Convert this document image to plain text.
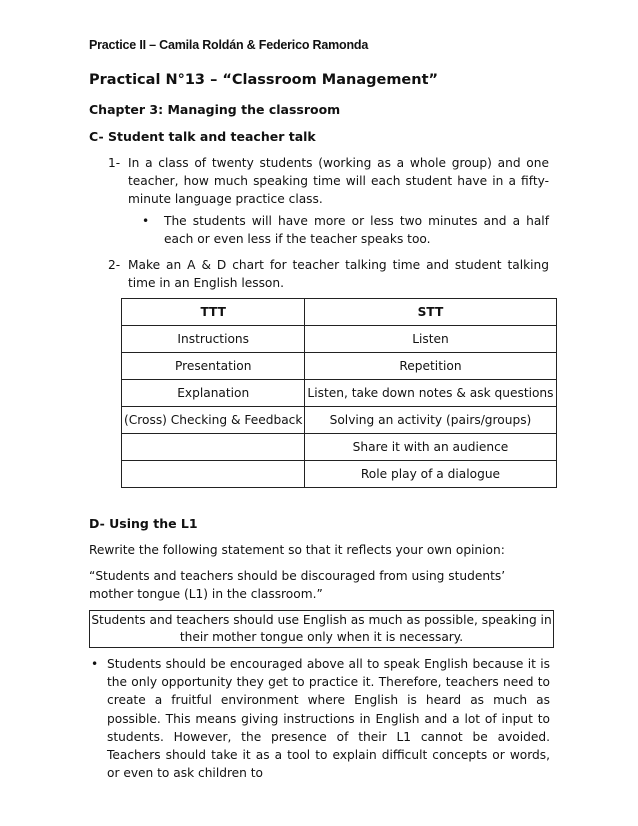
Practice II – Camila Roldán & Federico Ramonda
Practical N°13 – “Classroom Management”
Chapter 3: Managing the classroom
C- Student talk and teacher talk
1- In a class of twenty students (working as a whole group) and one teacher, how much speaking time will each student have in a fifty-minute language practice class.
• The students will have more or less two minutes and a half each or even less if the teacher speaks too.
2- Make an A & D chart for teacher talking time and student talking time in an English lesson.
TTT	STT
Instructions	Listen
Presentation	Repetition
Explanation	Listen, take down notes & ask questions
(Cross) Checking & Feedback	Solving an activity (pairs/groups)
	Share it with an audience
	Role play of a dialogue
D- Using the L1
Rewrite the following statement so that it reflects your own opinion:
“Students and teachers should be discouraged from using students’ mother tongue (L1) in the classroom.”
Students and teachers should use English as much as possible, speaking in their mother tongue only when it is necessary.
• Students should be encouraged above all to speak English because it is the only opportunity they get to practice it. Therefore, teachers need to create a fruitful environment where English is heard as much as possible. This means giving instructions in English and a lot of input to students. However, the presence of their L1 cannot be avoided. Teachers should take it as a tool to explain difficult concepts or words, or even to ask children to
